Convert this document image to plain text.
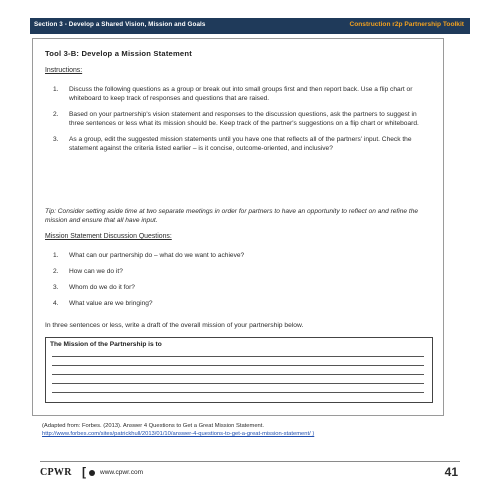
Section 3 - Develop a Shared Vision, Mission and Goals	Construction r2p Partnership Toolkit
Tool 3-B: Develop a Mission Statement
Instructions:
1. Discuss the following questions as a group or break out into small groups first and then report back. Use a flip chart or whiteboard to keep track of responses and questions that are raised.
2. Based on your partnership's vision statement and responses to the discussion questions, ask the partners to suggest in three sentences or less what its mission should be. Keep track of the partner's suggestions on a flip chart or whiteboard.
3. As a group, edit the suggested mission statements until you have one that reflects all of the partners' input. Check the statement against the criteria listed earlier – is it concise, outcome-oriented, and inclusive?
Tip: Consider setting aside time at two separate meetings in order for partners to have an opportunity to reflect on and refine the mission and ensure that all have input.
Mission Statement Discussion Questions:
1. What can our partnership do – what do we want to achieve?
2. How can we do it?
3. Whom do we do it for?
4. What value are we bringing?
In three sentences or less, write a draft of the overall mission of your partnership below.
The Mission of the Partnership is to
(Adapted from: Forbes. (2013). Answer 4 Questions to Get a Great Mission Statement.
http://www.forbes.com/sites/patrickhull/2013/01/10/answer-4-questions-to-get-a-great-mission-statement/ )
CPWR [ www.cpwr.com	41
